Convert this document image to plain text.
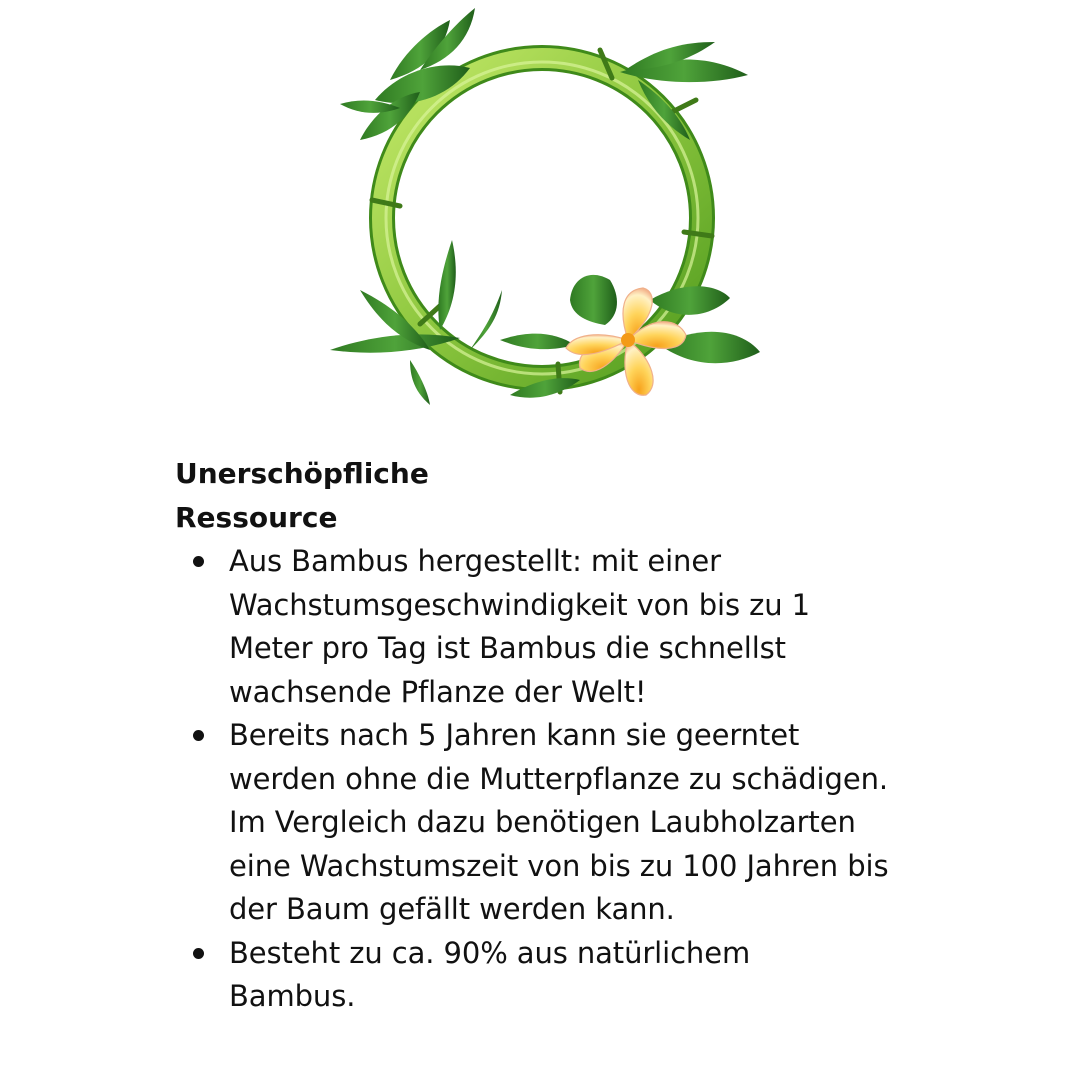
Unerschöpfliche Ressource
Aus Bambus hergestellt: mit einer Wachstumsgeschwindigkeit von bis zu 1 Meter pro Tag ist Bambus die schnellst wachsende Pflanze der Welt!
Bereits nach 5 Jahren kann sie geerntet werden ohne die Mutterpflanze zu schädigen. Im Vergleich dazu benötigen Laubholzarten eine Wachstumszeit von bis zu 100 Jahren bis der Baum gefällt werden kann.
Besteht zu ca. 90% aus natürlichem Bambus.
